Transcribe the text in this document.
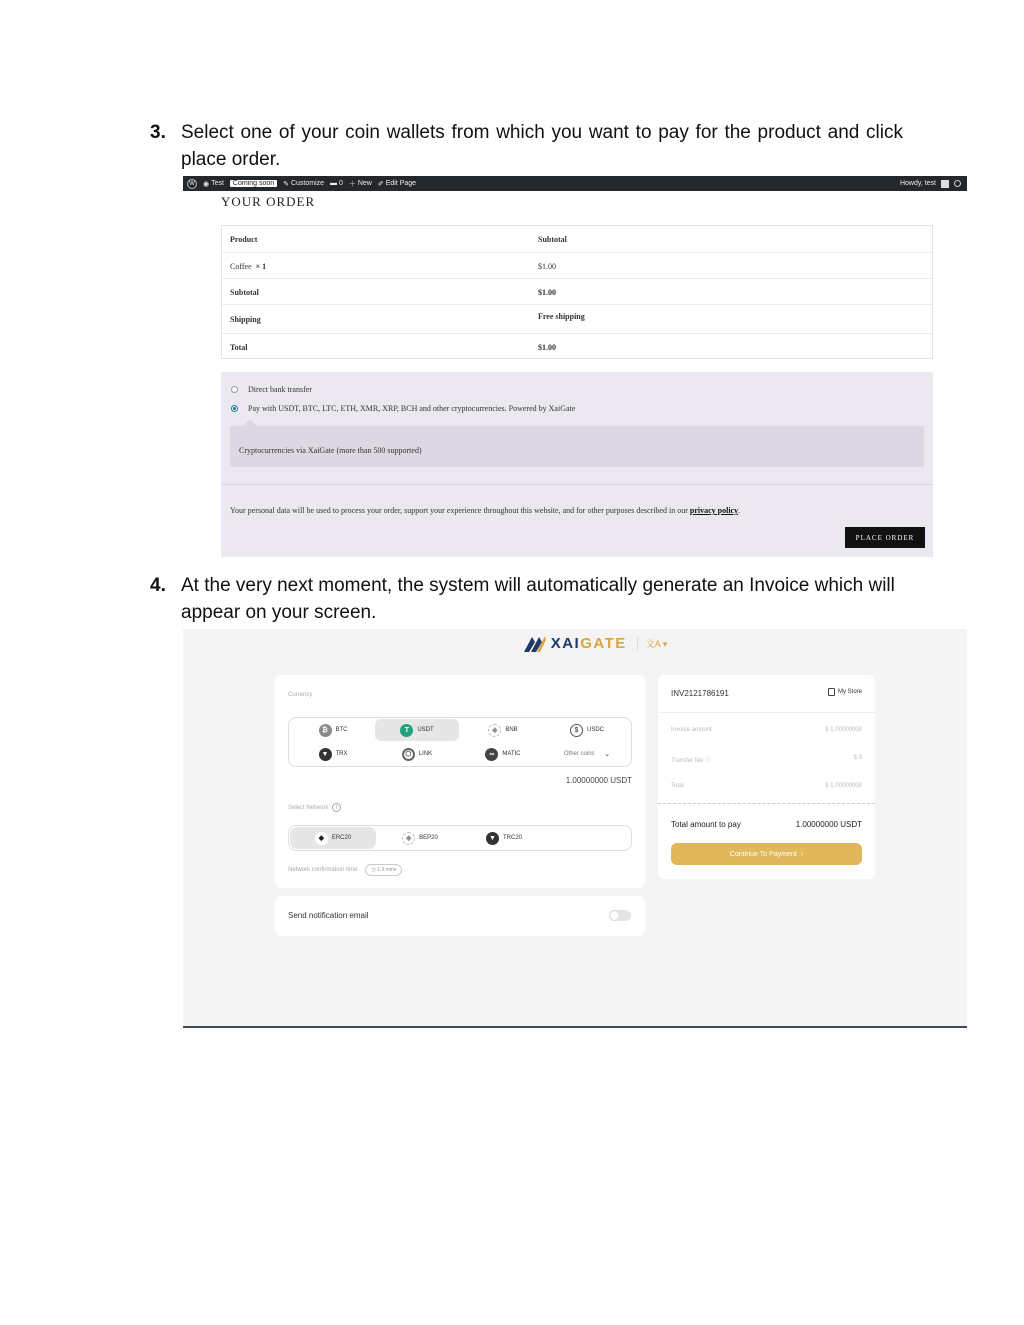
3. Select one of your coin wallets from which you want to pay for the product and click place order.
W	◉ Test	Coming soon	✎ Customize ▬ 0 ＋ New ✐ Edit Page	Howdy, test
YOUR ORDER
Product	Subtotal
Coffee × 1	$1.00
Subtotal	$1.00
Shipping	Free shipping
Total	$1.00
Direct bank transfer
Pay with USDT, BTC, LTC, ETH, XMR, XRP, BCH and other cryptocurrencies. Powered by XaiGate
Cryptocurrencies via XaiGate (more than 500 supported)
Your personal data will be used to process your order, support your experience throughout this website, and for other purposes described in our privacy policy.
PLACE ORDER
4. At the very next moment, the system will automatically generate an Invoice which will appear on your screen.
XAIGATE	文A ▾
Currency
₿	BTC	T	USDT	◈	BNB	$	USDC
▼	TRX	⬡	LINK	∞	MATIC	Other coins
⌄
1.00000000 USDT
Select Network	!
◆	ERC20	◈	BEP20	▼	TRC20
Network confirmation time	◷ 1-3 mins
INV2121786191	My Store
Invoice amount	$ 1.00000000
Transfer fee ⓘ	$ 0
Total	$ 1.00000000
Total amount to pay	1.00000000 USDT
Continue To Payment ›
Send notification email
